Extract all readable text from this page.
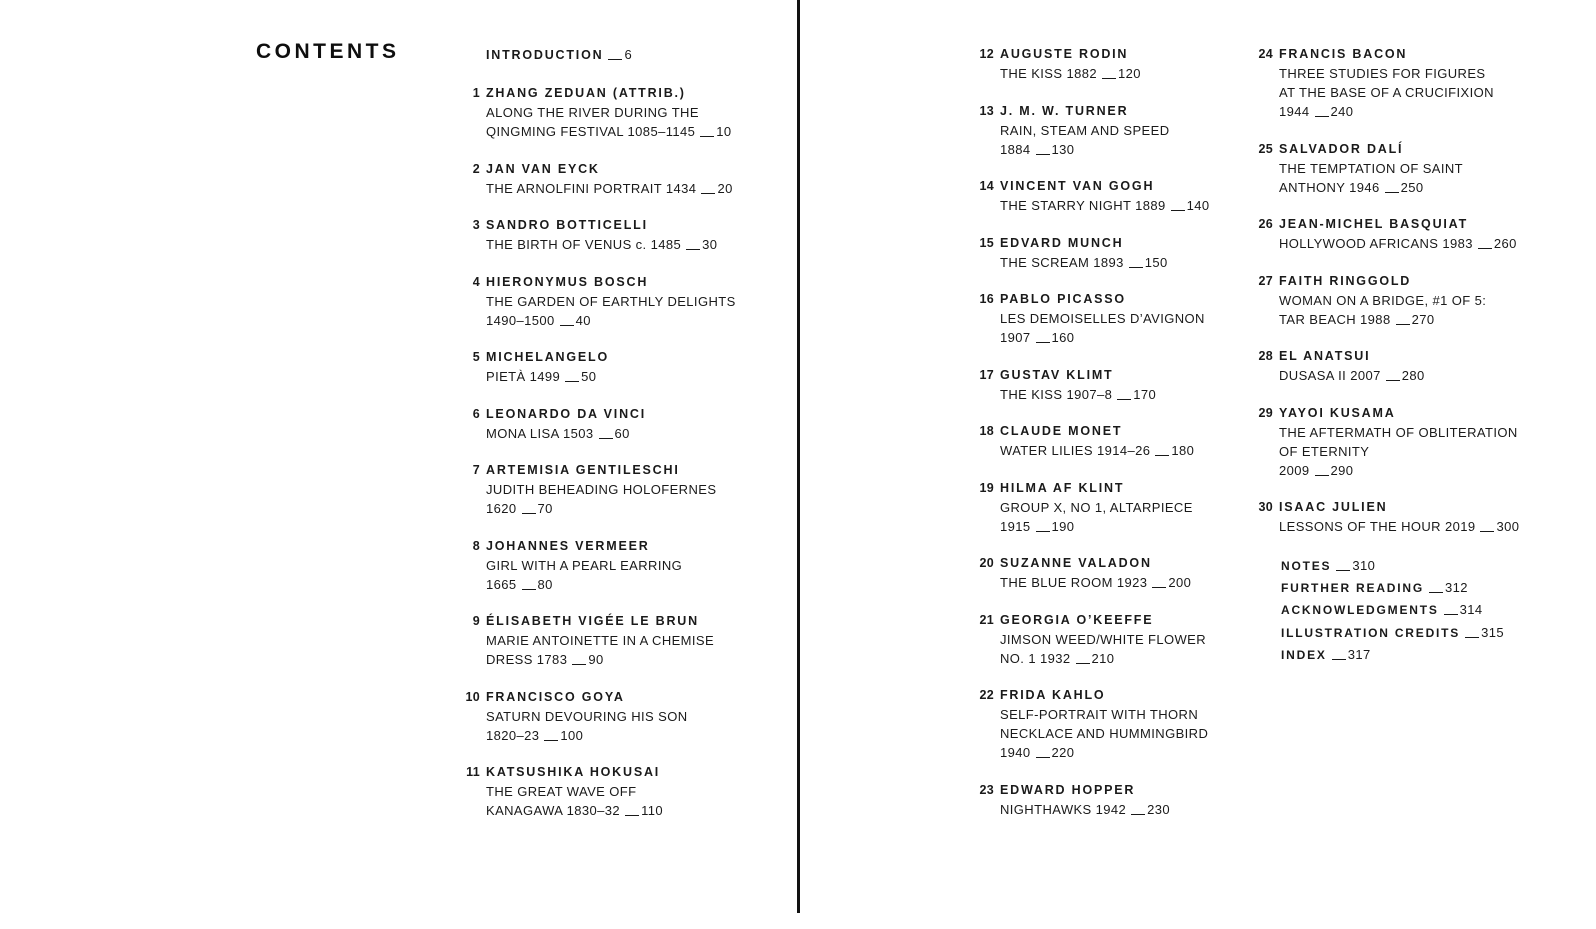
CONTENTS	INTRODUCTION 6
1 ZHANG ZEDUAN (ATTRIB.)
ALONG THE RIVER DURING THE
QINGMING FESTIVAL 1085–1145 10
2 JAN VAN EYCK
THE ARNOLFINI PORTRAIT 1434 20
3 SANDRO BOTTICELLI
THE BIRTH OF VENUS c. 1485 30
4 HIERONYMUS BOSCH
THE GARDEN OF EARTHLY DELIGHTS
1490–1500 40
5 MICHELANGELO
PIETÀ 1499 50
6 LEONARDO DA VINCI
MONA LISA 1503 60
7 ARTEMISIA GENTILESCHI
JUDITH BEHEADING HOLOFERNES
1620 70
8 JOHANNES VERMEER
GIRL WITH A PEARL EARRING
1665 80
9 ÉLISABETH VIGÉE LE BRUN
MARIE ANTOINETTE IN A CHEMISE
DRESS 1783 90
10 FRANCISCO GOYA
SATURN DEVOURING HIS SON
1820–23 100
11 KATSUSHIKA HOKUSAI
THE GREAT WAVE OFF
KANAGAWA 1830–32 110
12 AUGUSTE RODIN
THE KISS 1882 120
13 J. M. W. TURNER
RAIN, STEAM AND SPEED
1884 130
14 VINCENT VAN GOGH
THE STARRY NIGHT 1889 140
15 EDVARD MUNCH
THE SCREAM 1893 150
16 PABLO PICASSO
LES DEMOISELLES D’AVIGNON
1907 160
17 GUSTAV KLIMT
THE KISS 1907–8 170
18 CLAUDE MONET
WATER LILIES 1914–26 180
19 HILMA AF KLINT
GROUP X, NO 1, ALTARPIECE
1915 190
20 SUZANNE VALADON
THE BLUE ROOM 1923 200
21 GEORGIA O’KEEFFE
JIMSON WEED/WHITE FLOWER
NO. 1 1932 210
22 FRIDA KAHLO
SELF-PORTRAIT WITH THORN
NECKLACE AND HUMMINGBIRD
1940 220
23 EDWARD HOPPER
NIGHTHAWKS 1942 230
24 FRANCIS BACON
THREE STUDIES FOR FIGURES
AT THE BASE OF A CRUCIFIXION
1944 240
25 SALVADOR DALÍ
THE TEMPTATION OF SAINT
ANTHONY 1946 250
26 JEAN-MICHEL BASQUIAT
HOLLYWOOD AFRICANS 1983 260
27 FAITH RINGGOLD
WOMAN ON A BRIDGE, #1 OF 5:
TAR BEACH 1988 270
28 EL ANATSUI
DUSASA II 2007 280
29 YAYOI KUSAMA
THE AFTERMATH OF OBLITERATION
OF ETERNITY
2009 290
30 ISAAC JULIEN
LESSONS OF THE HOUR 2019 300
NOTES 310
FURTHER READING 312
ACKNOWLEDGMENTS 314
ILLUSTRATION CREDITS 315
INDEX 317
